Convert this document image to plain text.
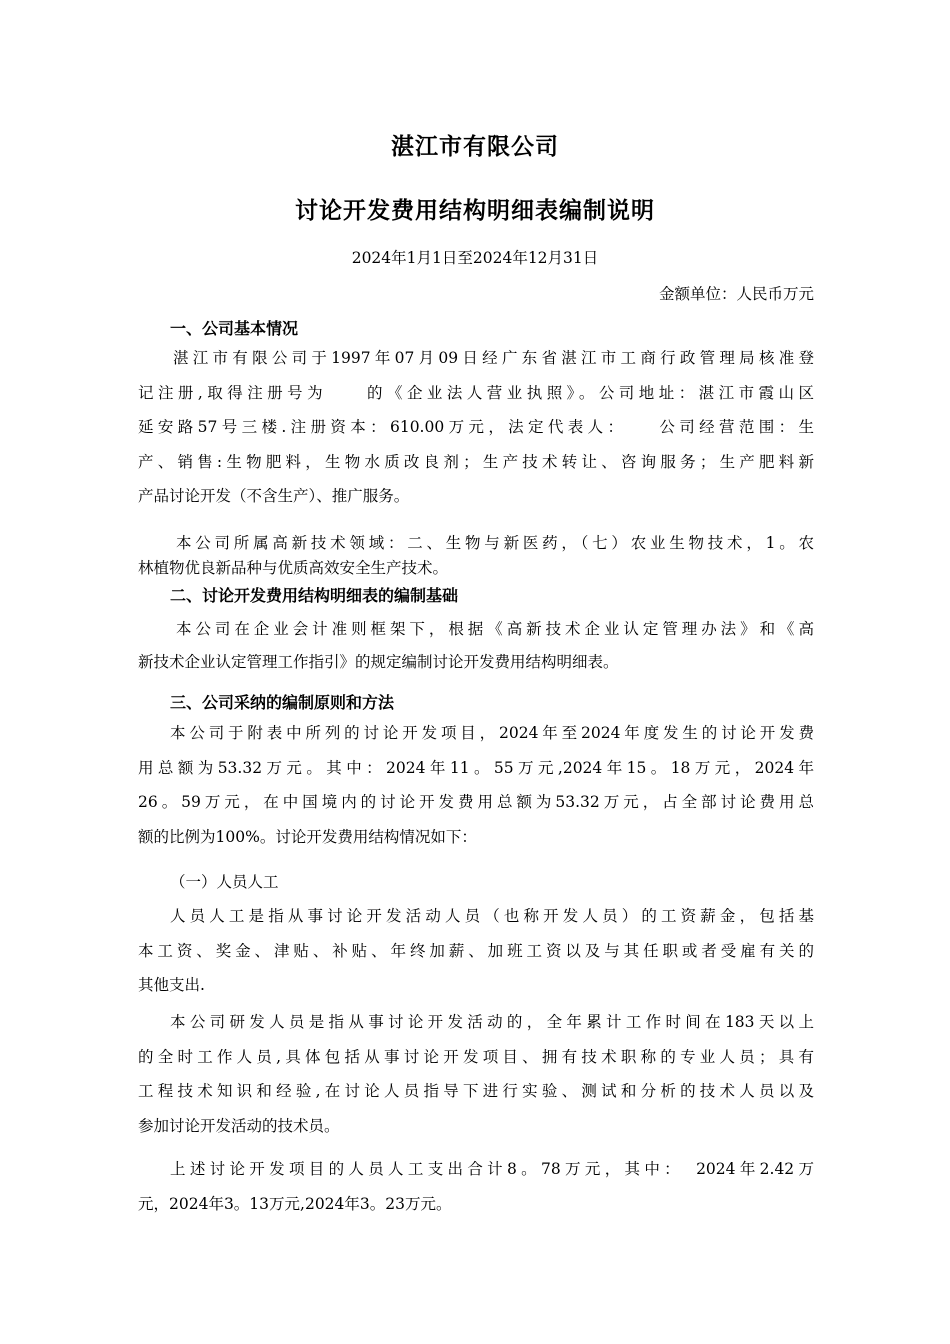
湛江市有限公司
讨论开发费用结构明细表编制说明
2024年1月1日至2024年12月31日
金额单位：人民币万元
一、公司基本情况
湛江市有限公司于1997年07月09日经广东省湛江市工商行政管理局核准登
记注册,取得注册号为　　的《企业法人营业执照》。公司地址：湛江市霞山区
延安路57号三楼.注册资本：610.00万元，法定代表人：　　公司经营范围：生
产、销售:生物肥料，生物水质改良剂；生产技术转让、咨询服务；生产肥料新
产品讨论开发（不含生产）、推广服务。
本公司所属高新技术领域：二、生物与新医药，（七）农业生物技术，1。农
林植物优良新品种与优质高效安全生产技术。
二、讨论开发费用结构明细表的编制基础
本公司在企业会计准则框架下，根据《高新技术企业认定管理办法》和《高
新技术企业认定管理工作指引》的规定编制讨论开发费用结构明细表。
三、公司采纳的编制原则和方法
本公司于附表中所列的讨论开发项目，2024年至2024年度发生的讨论开发费
用总额为53.32万元。其中：2024年11。55万元,2024年15。18万元，2024年
26。59万元，在中国境内的讨论开发费用总额为53.32万元，占全部讨论费用总
额的比例为100%。讨论开发费用结构情况如下：
（一）人员人工
人员人工是指从事讨论开发活动人员（也称开发人员）的工资薪金，包括基
本工资、奖金、津贴、补贴、年终加薪、加班工资以及与其任职或者受雇有关的
其他支出.
本公司研发人员是指从事讨论开发活动的，全年累计工作时间在183天以上
的全时工作人员,具体包括从事讨论开发项目、拥有技术职称的专业人员；具有
工程技术知识和经验,在讨论人员指导下进行实验、测试和分析的技术人员以及
参加讨论开发活动的技术员。
上述讨论开发项目的人员人工支出合计8。78万元，其中：　2024年2.42万
元，2024年3。13万元,2024年3。23万元。
